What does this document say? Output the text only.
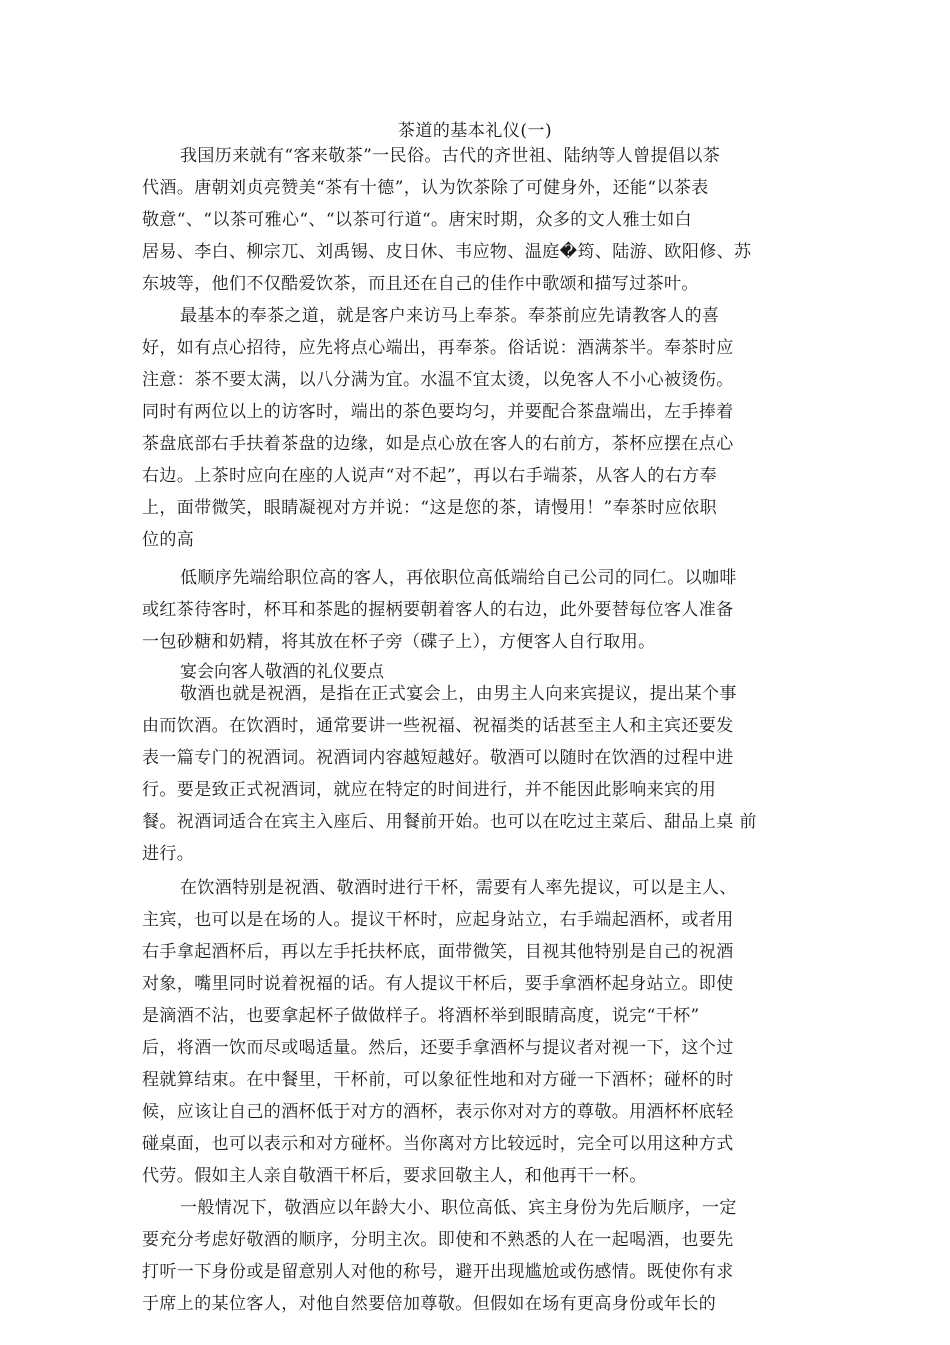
茶道的基本礼仪(一)
我国历来就有“客来敬茶”一民俗。古代的齐世祖、陆纳等人曾提倡以茶
代酒。唐朝刘贞亮赞美“茶有十德”，认为饮茶除了可健身外，还能“以茶表
敬意“、“以茶可雅心“、“以茶可行道“。唐宋时期，众多的文人雅士如白
居易、李白、柳宗兀、刘禹锡、皮日休、韦应物、温庭�筠、陆游、欧阳修、苏
东坡等，他们不仅酷爱饮茶，而且还在自己的佳作中歌颂和描写过茶叶。
最基本的奉茶之道，就是客户来访马上奉茶。奉茶前应先请教客人的喜
好，如有点心招待，应先将点心端出，再奉茶。俗话说：酒满茶半。奉茶时应
注意：茶不要太满，以八分满为宜。水温不宜太烫，以免客人不小心被烫伤。
同时有两位以上的访客时，端出的茶色要均匀，并要配合茶盘端出，左手捧着
茶盘底部右手扶着茶盘的边缘，如是点心放在客人的右前方，茶杯应摆在点心
右边。上茶时应向在座的人说声“对不起”，再以右手端茶，从客人的右方奉
上，面带微笑，眼睛凝视对方并说：“这是您的茶，请慢用！”奉茶时应依职
位的高
低顺序先端给职位高的客人，再依职位高低端给自己公司的同仁。以咖啡
或红茶待客时，杯耳和茶匙的握柄要朝着客人的右边，此外要替每位客人准备
一包砂糖和奶精，将其放在杯子旁（碟子上），方便客人自行取用。
宴会向客人敬酒的礼仪要点
敬酒也就是祝酒，是指在正式宴会上，由男主人向来宾提议，提出某个事
由而饮酒。在饮酒时，通常要讲一些祝福、祝福类的话甚至主人和主宾还要发
表一篇专门的祝酒词。祝酒词内容越短越好。敬酒可以随时在饮酒的过程中进
行。要是致正式祝酒词，就应在特定的时间进行，并不能因此影响来宾的用
餐。祝酒词适合在宾主入座后、用餐前开始。也可以在吃过主菜后、甜品上桌 前
进行。
在饮酒特别是祝酒、敬酒时进行干杯，需要有人率先提议，可以是主人、
主宾，也可以是在场的人。提议干杯时，应起身站立，右手端起酒杯，或者用
右手拿起酒杯后，再以左手托扶杯底，面带微笑，目视其他特别是自己的祝酒
对象，嘴里同时说着祝福的话。有人提议干杯后，要手拿酒杯起身站立。即使
是滴酒不沾，也要拿起杯子做做样子。将酒杯举到眼睛高度，说完“干杯”
后，将酒一饮而尽或喝适量。然后，还要手拿酒杯与提议者对视一下，这个过
程就算结束。在中餐里，干杯前，可以象征性地和对方碰一下酒杯；碰杯的时
候，应该让自己的酒杯低于对方的酒杯，表示你对对方的尊敬。用酒杯杯底轻
碰桌面，也可以表示和对方碰杯。当你离对方比较远时，完全可以用这种方式
代劳。假如主人亲自敬酒干杯后，要求回敬主人，和他再干一杯。
一般情况下，敬酒应以年龄大小、职位高低、宾主身份为先后顺序，一定
要充分考虑好敬酒的顺序，分明主次。即使和不熟悉的人在一起喝酒，也要先
打听一下身份或是留意别人对他的称号，避开出现尴尬或伤感情。既使你有求
于席上的某位客人，对他自然要倍加尊敬。但假如在场有更高身份或年长的
